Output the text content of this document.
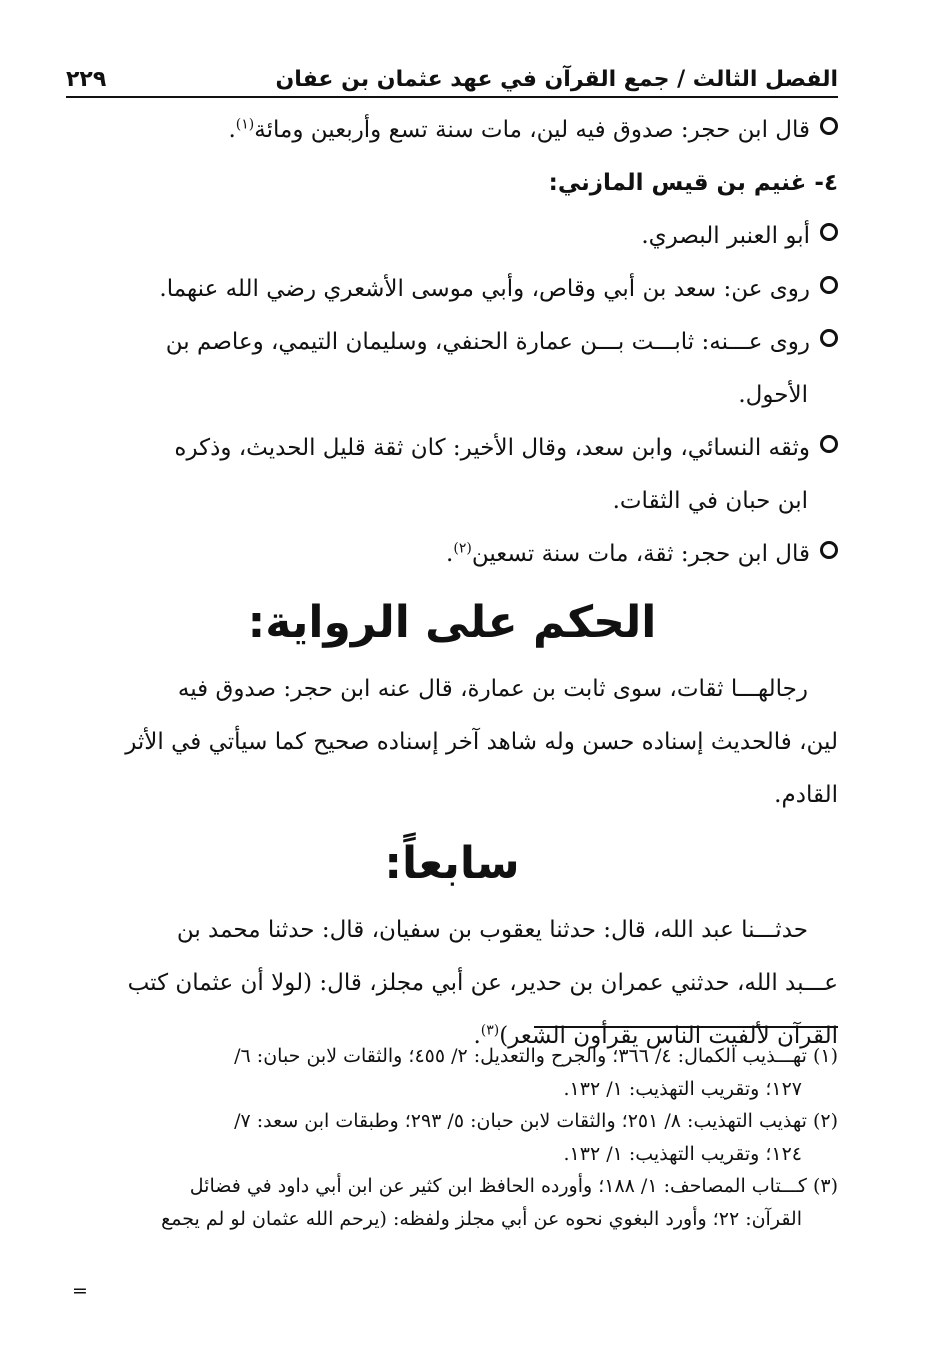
الفصل الثالث / جمع القرآن في عهد عثمان بن عفان
٢٢٩
قال ابن حجر: صدوق فيه لين، مات سنة تسع وأربعين ومائة$^{(١)}$.
٤- غنيم بن قيس المازني:
أبو العنبر البصري.
روى عن: سعد بن أبي وقاص، وأبي موسى الأشعري رضي الله عنهما.
روى عـــنه: ثابـــت بـــن عمارة الحنفي، وسليمان التيمي، وعاصم بن
الأحول.
وثقه النسائي، وابن سعد، وقال الأخير: كان ثقة قليل الحديث، وذكره
ابن حبان في الثقات.
قال ابن حجر: ثقة، مات سنة تسعين$^{(٢)}$.
الحكم على الرواية:
رجالهـــا ثقات، سوى ثابت بن عمارة، قال عنه ابن حجر: صدوق فيه
لين، فالحديث إسناده حسن وله شاهد آخر إسناده صحيح كما سيأتي في الأثر
القادم.
سابعاً:
حدثـــنا عبد الله، قال: حدثنا يعقوب بن سفيان، قال: حدثنا محمد بن
عـــبد الله، حدثني عمران بن حدير، عن أبي مجلز، قال: (لولا أن عثمان كتب
القرآن لألفيت الناس يقرأون الشعر)$^{(٣)}$.
(١)تهـــذيب الكمال: ٤/ ٣٦٦؛ والجرح والتعديل: ٢/ ٤٥٥؛ والثقات لابن حبان: ٦/
١٢٧؛ وتقريب التهذيب: ١/ ١٣٢.
(٢)تهذيب التهذيب: ٨/ ٢٥١؛ والثقات لابن حبان: ٥/ ٢٩٣؛ وطبقات ابن سعد: ٧/
١٢٤؛ وتقريب التهذيب: ١/ ١٣٢.
(٣)كـــتاب المصاحف: ١/ ١٨٨؛ وأورده الحافظ ابن كثير عن ابن أبي داود في فضائل
القرآن: ٢٢؛ وأورد البغوي نحوه عن أبي مجلز ولفظه: (يرحم الله عثمان لو لم يجمع
=
